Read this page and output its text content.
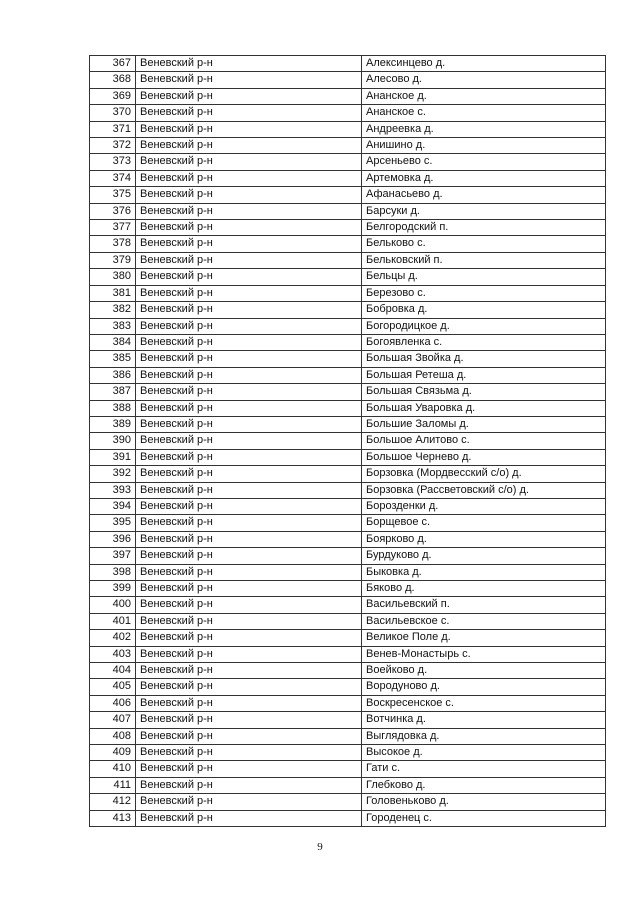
367	Веневский р-н	Алексинцево д.
368	Веневский р-н	Алесово д.
369	Веневский р-н	Ананское д.
370	Веневский р-н	Ананское с.
371	Веневский р-н	Андреевка д.
372	Веневский р-н	Анишино д.
373	Веневский р-н	Арсеньево с.
374	Веневский р-н	Артемовка д.
375	Веневский р-н	Афанасьево д.
376	Веневский р-н	Барсуки д.
377	Веневский р-н	Белгородский п.
378	Веневский р-н	Бельково с.
379	Веневский р-н	Бельковский п.
380	Веневский р-н	Бельцы д.
381	Веневский р-н	Березово с.
382	Веневский р-н	Бобровка д.
383	Веневский р-н	Богородицкое д.
384	Веневский р-н	Богоявленка с.
385	Веневский р-н	Большая Звойка д.
386	Веневский р-н	Большая Ретеша д.
387	Веневский р-н	Большая Связьма д.
388	Веневский р-н	Большая Уваровка д.
389	Веневский р-н	Большие Заломы д.
390	Веневский р-н	Большое Алитово с.
391	Веневский р-н	Большое Чернево д.
392	Веневский р-н	Борзовка (Мордвесский с/о) д.
393	Веневский р-н	Борзовка (Рассветовский с/о) д.
394	Веневский р-н	Борозденки д.
395	Веневский р-н	Борщевое с.
396	Веневский р-н	Боярково д.
397	Веневский р-н	Бурдуково д.
398	Веневский р-н	Быковка д.
399	Веневский р-н	Бяково д.
400	Веневский р-н	Васильевский п.
401	Веневский р-н	Васильевское с.
402	Веневский р-н	Великое Поле д.
403	Веневский р-н	Венев-Монастырь с.
404	Веневский р-н	Воейково д.
405	Веневский р-н	Вородуново д.
406	Веневский р-н	Воскресенское с.
407	Веневский р-н	Вотчинка д.
408	Веневский р-н	Выглядовка д.
409	Веневский р-н	Высокое д.
410	Веневский р-н	Гати с.
411	Веневский р-н	Глебково д.
412	Веневский р-н	Головеньково д.
413	Веневский р-н	Городенец с.
9
